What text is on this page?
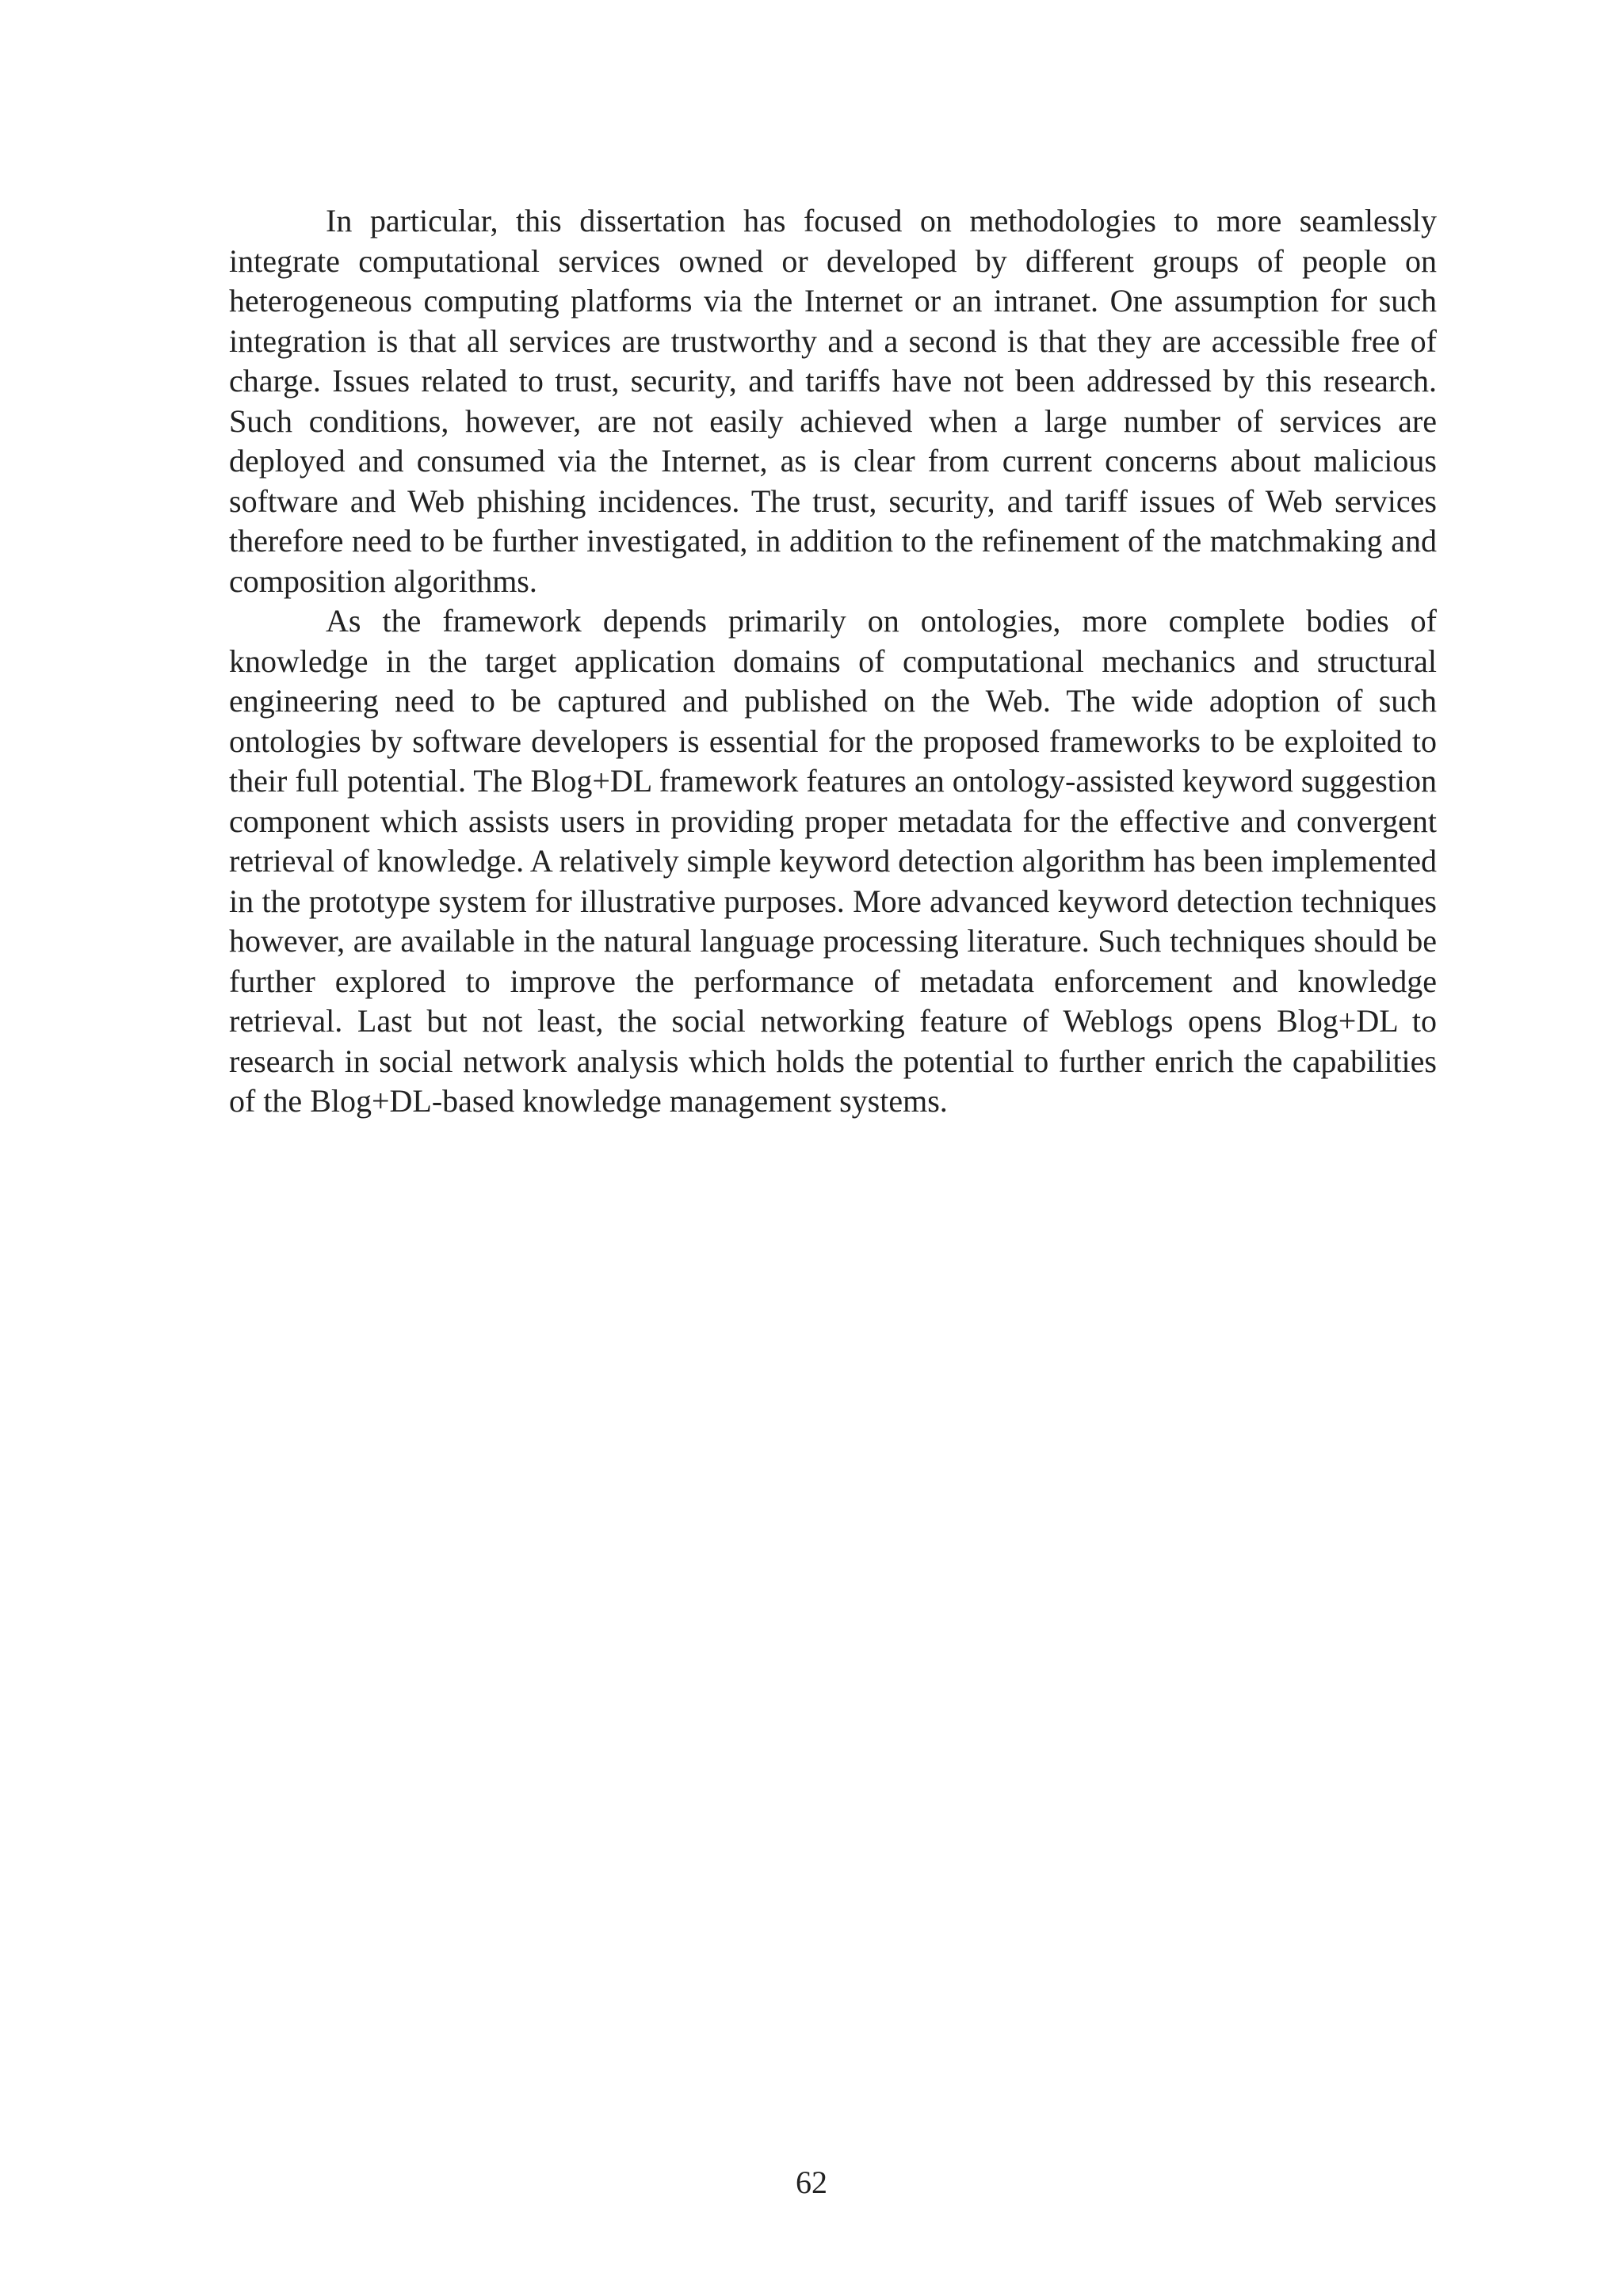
In particular, this dissertation has focused on methodologies to more seamlessly integrate computational services owned or developed by different groups of people on heterogeneous computing platforms via the Internet or an intranet. One assumption for such integration is that all services are trustworthy and a second is that they are accessible free of charge. Issues related to trust, security, and tariffs have not been addressed by this research. Such conditions, however, are not easily achieved when a large number of services are deployed and consumed via the Internet, as is clear from current concerns about malicious software and Web phishing incidences. The trust, security, and tariff issues of Web services therefore need to be further investigated, in addition to the refinement of the matchmaking and composition algorithms.

As the framework depends primarily on ontologies, more complete bodies of knowledge in the target application domains of computational mechanics and structural engineering need to be captured and published on the Web. The wide adoption of such ontologies by software developers is essential for the proposed frameworks to be exploited to their full potential. The Blog+DL framework features an ontology-assisted keyword suggestion component which assists users in providing proper metadata for the effective and convergent retrieval of knowledge. A relatively simple keyword detection algorithm has been implemented in the prototype system for illustrative purposes. More advanced keyword detection techniques however, are available in the natural language processing literature. Such techniques should be further explored to improve the performance of metadata enforcement and knowledge retrieval. Last but not least, the social networking feature of Weblogs opens Blog+DL to research in social network analysis which holds the potential to further enrich the capabilities of the Blog+DL-based knowledge management systems.

62
